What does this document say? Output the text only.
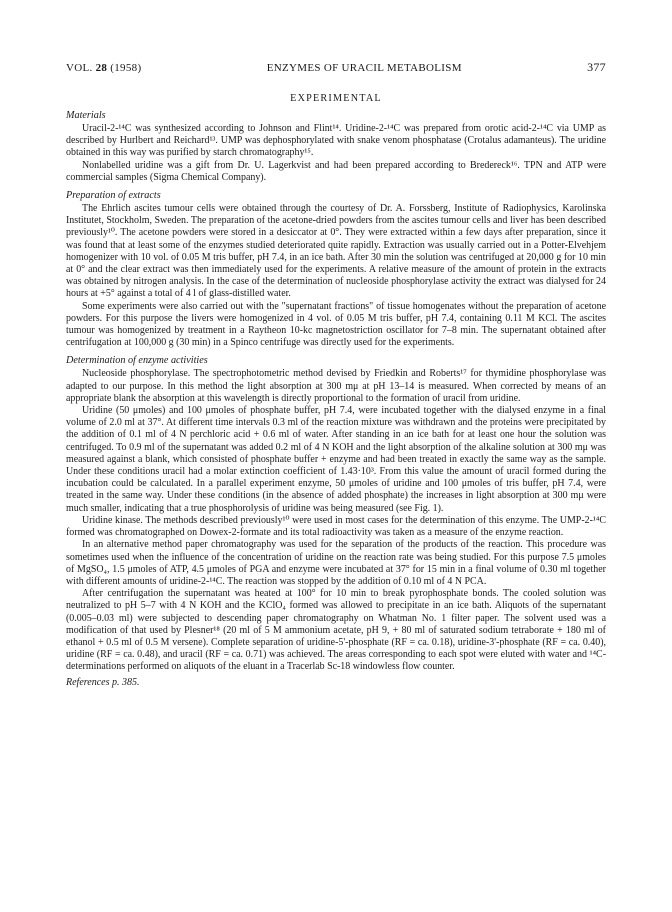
VOL. 28 (1958)	ENZYMES OF URACIL METABOLISM	377
EXPERIMENTAL
Materials

Uracil-2-¹⁴C was synthesized according to Johnson and Flint¹⁴. Uridine-2-¹⁴C was prepared from orotic acid-2-¹⁴C via UMP as described by Hurlbert and Reichard¹³. UMP was dephosphorylated with snake venom phosphatase (Crotalus adamanteus). The uridine obtained in this way was purified by starch chromatography¹⁵.

Nonlabelled uridine was a gift from Dr. U. Lagerkvist and had been prepared according to Bredereck¹⁶. TPN and ATP were commercial samples (Sigma Chemical Company).

Preparation of extracts

The Ehrlich ascites tumour cells were obtained through the courtesy of Dr. A. Forssberg, Institute of Radiophysics, Karolinska Institutet, Stockholm, Sweden. The preparation of the acetone-dried powders from the ascites tumour cells and liver has been described previously¹⁰. The acetone powders were stored in a desiccator at 0°. They were extracted within a few days after preparation, since it was found that at least some of the enzymes studied deteriorated quite rapidly. Extraction was usually carried out in a Potter-Elvehjem homogenizer with 10 vol. of 0.05 M tris buffer, pH 7.4, in an ice bath. After 30 min the solution was centrifuged at 20,000 g for 10 min at 0° and the clear extract was then immediately used for the experiments. A relative measure of the amount of protein in the extracts was obtained by nitrogen analysis. In the case of the determination of nucleoside phosphorylase activity the extract was dialysed for 24 hours at +5° against a total of 4 l of glass-distilled water.

Some experiments were also carried out with the "supernatant fractions" of tissue homogenates without the preparation of acetone powders. For this purpose the livers were homogenized in 4 vol. of 0.05 M tris buffer, pH 7.4, containing 0.11 M KCl. The ascites tumour was homogenized by treatment in a Raytheon 10-kc magnetostriction oscillator for 7–8 min. The supernatant obtained after centrifugation at 100,000 g (30 min) in a Spinco centrifuge was directly used for the experiments.

Determination of enzyme activities

Nucleoside phosphorylase. The spectrophotometric method devised by Friedkin and Roberts¹⁷ for thymidine phosphorylase was adapted to our purpose. In this method the light absorption at 300 mμ at pH 13–14 is measured. When corrected by means of an appropriate blank the absorption at this wavelength is directly proportional to the formation of uracil from uridine.

Uridine (50 μmoles) and 100 μmoles of phosphate buffer, pH 7.4, were incubated together with the dialysed enzyme in a final volume of 2.0 ml at 37°. At different time intervals 0.3 ml of the reaction mixture was withdrawn and the proteins were precipitated by the addition of 0.1 ml of 4 N perchloric acid + 0.6 ml of water. After standing in an ice bath for at least one hour the solution was centrifuged. To 0.9 ml of the supernatant was added 0.2 ml of 4 N KOH and the light absorption of the alkaline solution at 300 mμ was measured against a blank, which consisted of phosphate buffer + enzyme and had been treated in exactly the same way as the sample. Under these conditions uracil had a molar extinction coefficient of 1.43·10³. From this value the amount of uracil formed during the incubation could be calculated. In a parallel experiment enzyme, 50 μmoles of uridine and 100 μmoles of tris buffer, pH 7.4, were treated in the same way. Under these conditions (in the absence of added phosphate) the increases in light absorption at 300 mμ were much smaller, indicating that a true phosphorolysis of uridine was being measured (see Fig. 1).

Uridine kinase. The methods described previously¹⁰ were used in most cases for the determination of this enzyme. The UMP-2-¹⁴C formed was chromatographed on Dowex-2-formate and its total radioactivity was taken as a measure of the enzyme reaction.

In an alternative method paper chromatography was used for the separation of the products of the reaction. This procedure was sometimes used when the influence of the concentration of uridine on the reaction rate was being studied. For this purpose 7.5 μmoles of MgSO₄, 1.5 μmoles of ATP, 4.5 μmoles of PGA and enzyme were incubated at 37° for 15 min in a final volume of 0.30 ml together with different amounts of uridine-2-¹⁴C. The reaction was stopped by the addition of 0.10 ml of 4 N PCA.

After centrifugation the supernatant was heated at 100° for 10 min to break pyrophosphate bonds. The cooled solution was neutralized to pH 5–7 with 4 N KOH and the KClO₄ formed was allowed to precipitate in an ice bath. Aliquots of the supernatant (0.005–0.03 ml) were subjected to descending paper chromatography on Whatman No. 1 filter paper. The solvent used was a modification of that used by Plesner¹⁸ (20 ml of 5 M ammonium acetate, pH 9, + 80 ml of saturated sodium tetraborate + 180 ml of ethanol + 0.5 ml of 0.5 M versene). Complete separation of uridine-5'-phosphate (RF = ca. 0.18), uridine-3'-phosphate (RF = ca. 0.40), uridine (RF = ca. 0.48), and uracil (RF = ca. 0.71) was achieved. The areas corresponding to each spot were eluted with water and ¹⁴C-determinations performed on aliquots of the eluant in a Tracerlab Sc-18 windowless flow counter.

References p. 385.
